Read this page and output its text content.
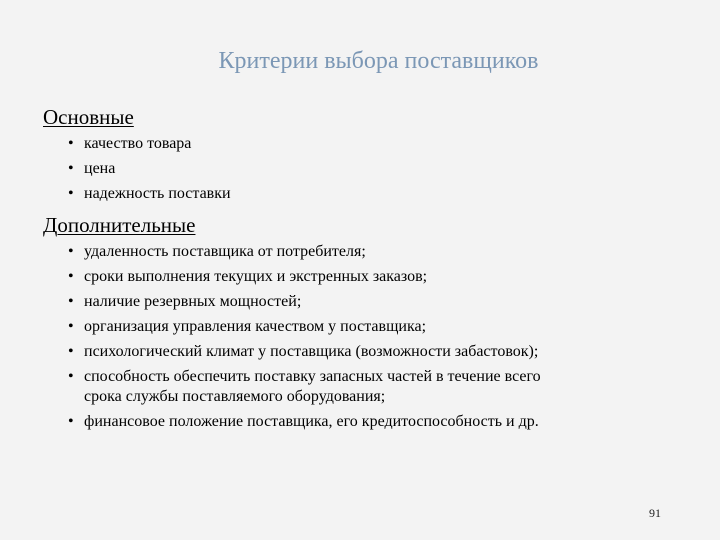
Критерии выбора поставщиков
Основные
• качество товара
• цена
• надежность поставки
Дополнительные
• удаленность поставщика от потребителя;
• сроки выполнения текущих и экстренных заказов;
• наличие резервных мощностей;
• организация управления качеством у поставщика;
• психологический климат у поставщика (возможности забастовок);
• способность обеспечить поставку запасных частей в течение всего
срока службы поставляемого оборудования;
• финансовое положение поставщика, его кредитоспособность и др.
91
